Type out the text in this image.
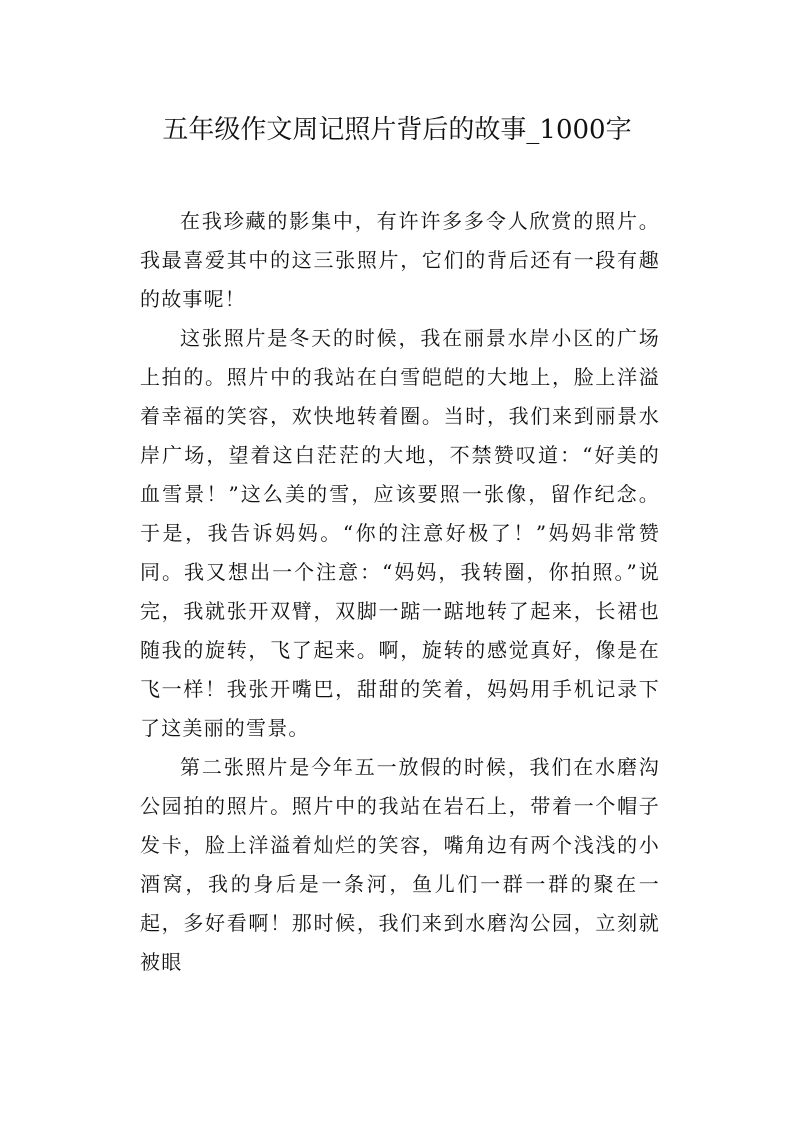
五年级作文周记照片背后的故事_1000字

在我珍藏的影集中，有许许多多令人欣赏的照片。我最喜爱其中的这三张照片，它们的背后还有一段有趣的故事呢！

这张照片是冬天的时候，我在丽景水岸小区的广场上拍的。照片中的我站在白雪皑皑的大地上，脸上洋溢着幸福的笑容，欢快地转着圈。当时，我们来到丽景水岸广场，望着这白茫茫的大地，不禁赞叹道：“好美的血雪景！”这么美的雪，应该要照一张像，留作纪念。于是，我告诉妈妈。“你的注意好极了！”妈妈非常赞同。我又想出一个注意：“妈妈，我转圈，你拍照。”说完，我就张开双臂，双脚一踮一踮地转了起来，长裙也随我的旋转，飞了起来。啊，旋转的感觉真好，像是在飞一样！我张开嘴巴，甜甜的笑着，妈妈用手机记录下了这美丽的雪景。

第二张照片是今年五一放假的时候，我们在水磨沟公园拍的照片。照片中的我站在岩石上，带着一个帽子发卡，脸上洋溢着灿烂的笑容，嘴角边有两个浅浅的小酒窝，我的身后是一条河，鱼儿们一群一群的聚在一起，多好看啊！那时候，我们来到水磨沟公园，立刻就被眼
